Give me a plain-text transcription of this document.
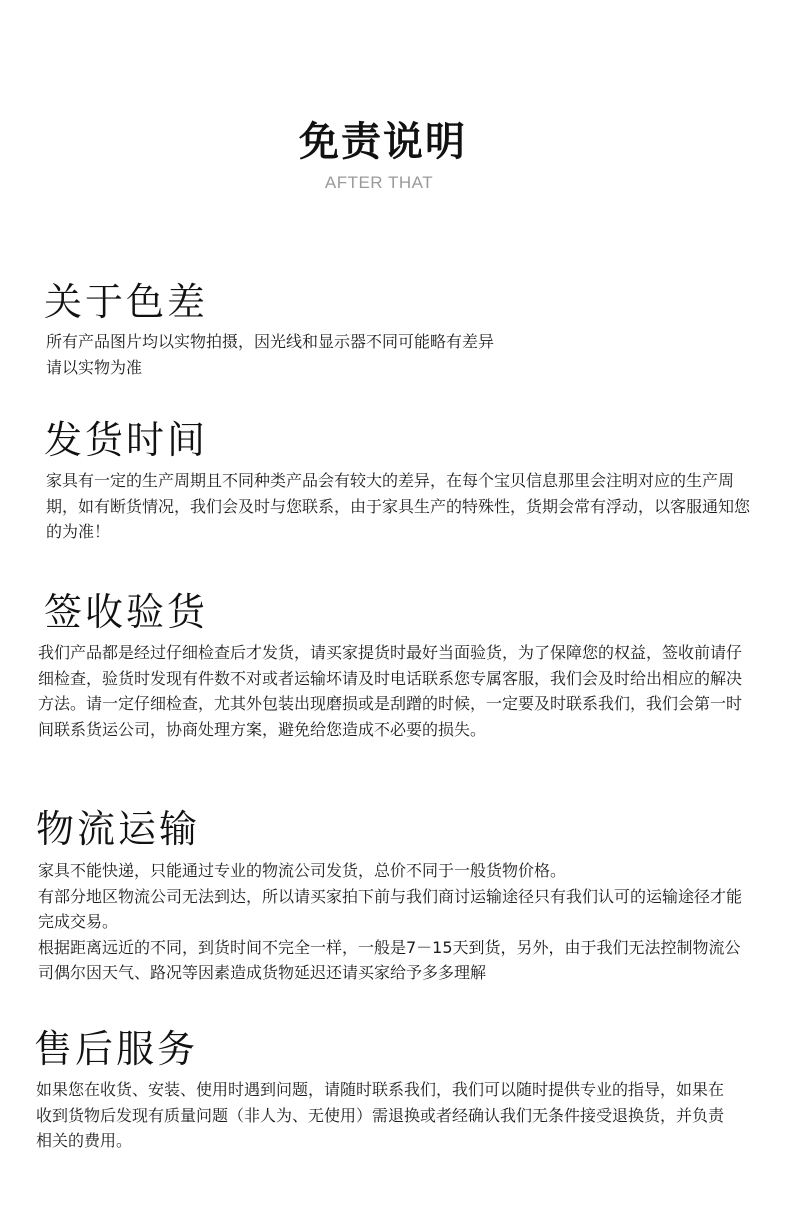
免责说明
AFTER THAT
关于色差

所有产品图片均以实物拍摄，因光线和显示器不同可能略有差异

请以实物为准

发货时间

家具有一定的生产周期且不同种类产品会有较大的差异，在每个宝贝信息那里会注明对应的生产周期，如有断货情况，我们会及时与您联系，由于家具生产的特殊性，货期会常有浮动，以客服通知您的为准！

签收验货

我们产品都是经过仔细检查后才发货，请买家提货时最好当面验货，为了保障您的权益，签收前请仔细检查，验货时发现有件数不对或者运输坏请及时电话联系您专属客服，我们会及时给出相应的解决方法。请一定仔细检查，尤其外包装出现磨损或是刮蹭的时候，一定要及时联系我们，我们会第一时间联系货运公司，协商处理方案，避免给您造成不必要的损失。

物流运输

家具不能快递，只能通过专业的物流公司发货，总价不同于一般货物价格。

有部分地区物流公司无法到达，所以请买家拍下前与我们商讨运输途径只有我们认可的运输途径才能完成交易。

根据距离远近的不同，到货时间不完全一样，一般是7－15天到货，另外，由于我们无法控制物流公司偶尔因天气、路况等因素造成货物延迟还请买家给予多多理解

售后服务

如果您在收货、安装、使用时遇到问题，请随时联系我们，我们可以随时提供专业的指导，如果在收到货物后发现有质量问题（非人为、无使用）需退换或者经确认我们无条件接受退换货，并负责相关的费用。
